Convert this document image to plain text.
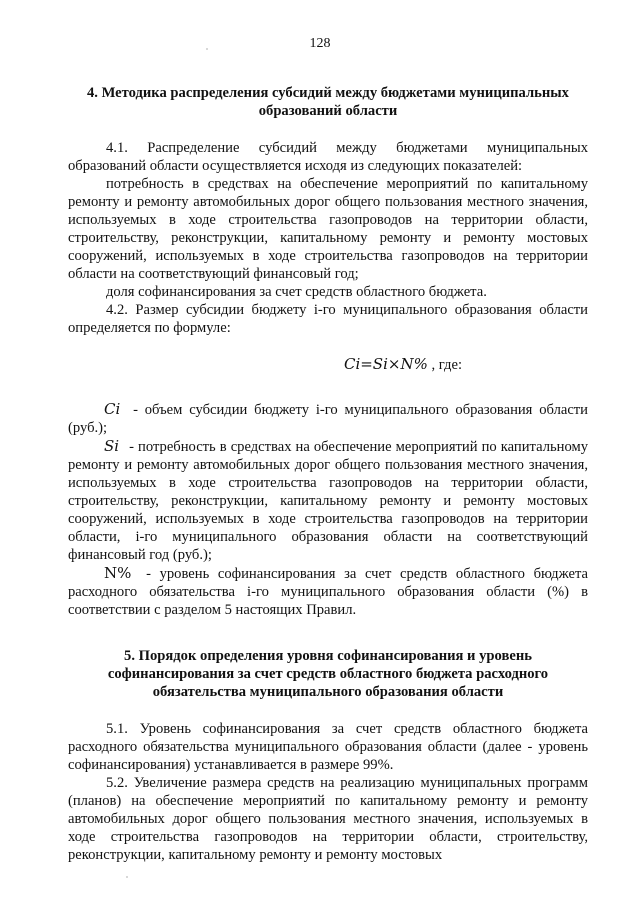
128
4. Методика распределения субсидий между бюджетами муниципальных образований области

4.1. Распределение субсидий между бюджетами муниципальных образований области осуществляется исходя из следующих показателей:

потребность в средствах на обеспечение мероприятий по капитальному ремонту и ремонту автомобильных дорог общего пользования местного значения, используемых в ходе строительства газопроводов на территории области, строительству, реконструкции, капитальному ремонту и ремонту мостовых сооружений, используемых в ходе строительства газопроводов на территории области на соответствующий финансовый год;

доля софинансирования за счет средств областного бюджета.

4.2. Размер субсидии бюджету i-го муниципального образования области определяется по формуле:

Ci=Si×N% , где:

Ci - объем субсидии бюджету i-го муниципального образования области (руб.);

Si - потребность в средствах на обеспечение мероприятий по капитальному ремонту и ремонту автомобильных дорог общего пользования местного значения, используемых в ходе строительства газопроводов на территории области, строительству, реконструкции, капитальному ремонту и ремонту мостовых сооружений, используемых в ходе строительства газопроводов на территории области, i-го муниципального образования области на соответствующий финансовый год (руб.);

N% - уровень софинансирования за счет средств областного бюджета расходного обязательства i-го муниципального образования области (%) в соответствии с разделом 5 настоящих Правил.

5. Порядок определения уровня софинансирования и уровень софинансирования за счет средств областного бюджета расходного обязательства муниципального образования области

5.1. Уровень софинансирования за счет средств областного бюджета расходного обязательства муниципального образования области (далее - уровень софинансирования) устанавливается в размере 99%.

5.2. Увеличение размера средств на реализацию муниципальных программ (планов) на обеспечение мероприятий по капитальному ремонту и ремонту автомобильных дорог общего пользования местного значения, используемых в ходе строительства газопроводов на территории области, строительству, реконструкции, капитальному ремонту и ремонту мостовых
